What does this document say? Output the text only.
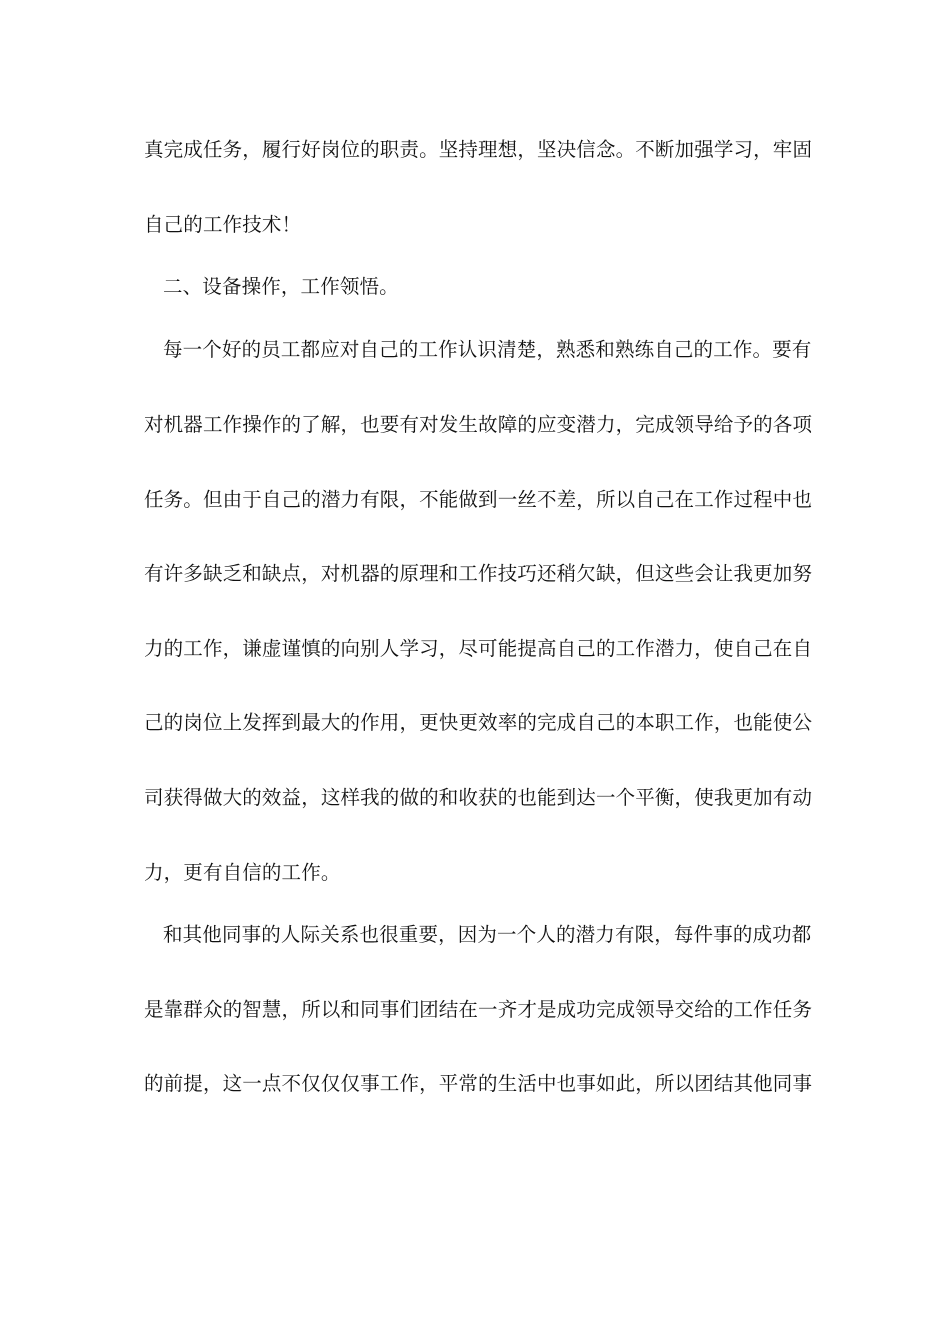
真完成任务，履行好岗位的职责。坚持理想，坚决信念。不断加强学习，牢固
自己的工作技术！
二、设备操作，工作领悟。
每一个好的员工都应对自己的工作认识清楚，熟悉和熟练自己的工作。要有
对机器工作操作的了解，也要有对发生故障的应变潜力，完成领导给予的各项
任务。但由于自己的潜力有限，不能做到一丝不差，所以自己在工作过程中也
有许多缺乏和缺点，对机器的原理和工作技巧还稍欠缺，但这些会让我更加努
力的工作，谦虚谨慎的向别人学习，尽可能提高自己的工作潜力，使自己在自
己的岗位上发挥到最大的作用，更快更效率的完成自己的本职工作，也能使公
司获得做大的效益，这样我的做的和收获的也能到达一个平衡，使我更加有动
力，更有自信的工作。
和其他同事的人际关系也很重要，因为一个人的潜力有限，每件事的成功都
是靠群众的智慧，所以和同事们团结在一齐才是成功完成领导交给的工作任务
的前提，这一点不仅仅仅事工作，平常的生活中也事如此，所以团结其他同事
